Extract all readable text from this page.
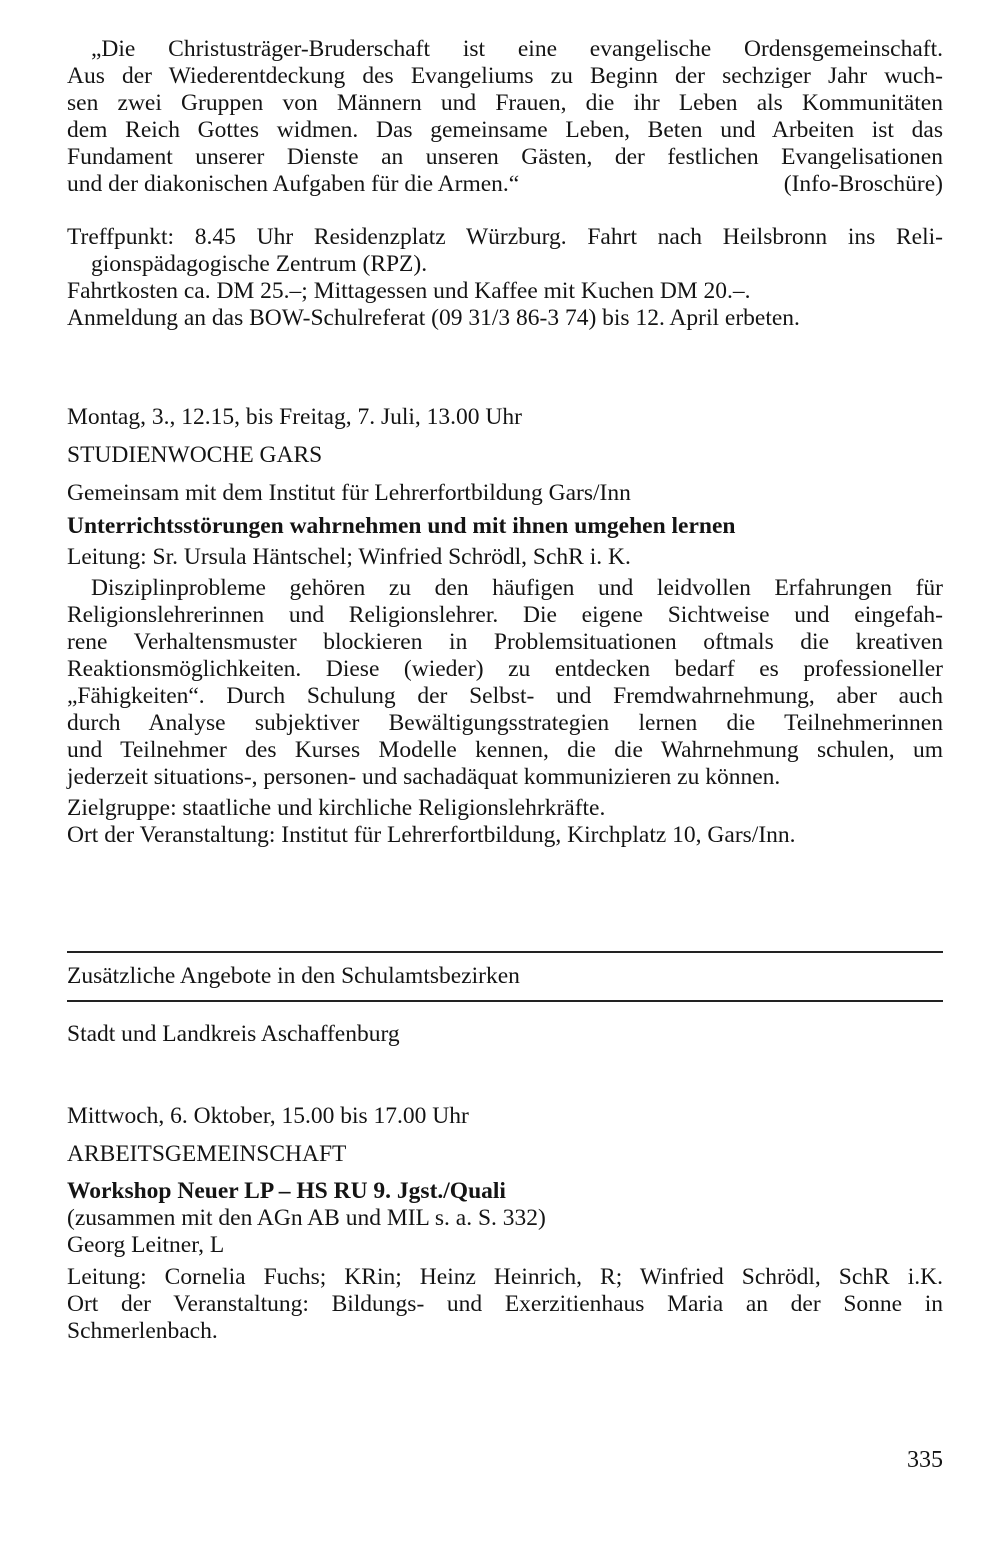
„Die Christusträger-Bruderschaft ist eine evangelische Ordensgemeinschaft.
Aus der Wiederentdeckung des Evangeliums zu Beginn der sechziger Jahr wuch-
sen zwei Gruppen von Männern und Frauen, die ihr Leben als Kommunitäten
dem Reich Gottes widmen. Das gemeinsame Leben, Beten und Arbeiten ist das
Fundament unserer Dienste an unseren Gästen, der festlichen Evangelisationen
und der diakonischen Aufgaben für die Armen.“	(Info-Broschüre)
Treffpunkt: 8.45 Uhr Residenzplatz Würzburg. Fahrt nach Heilsbronn ins Reli-
gionspädagogische Zentrum (RPZ).
Fahrtkosten ca. DM 25.–; Mittagessen und Kaffee mit Kuchen DM 20.–.
Anmeldung an das BOW-Schulreferat (09 31/3 86-3 74) bis 12. April erbeten.
Montag, 3., 12.15, bis Freitag, 7. Juli, 13.00 Uhr
STUDIENWOCHE GARS
Gemeinsam mit dem Institut für Lehrerfortbildung Gars/Inn
Unterrichtsstörungen wahrnehmen und mit ihnen umgehen lernen
Leitung: Sr. Ursula Häntschel; Winfried Schrödl, SchR i. K.
Disziplinprobleme gehören zu den häufigen und leidvollen Erfahrungen für
Religionslehrerinnen und Religionslehrer. Die eigene Sichtweise und eingefah-
rene Verhaltensmuster blockieren in Problemsituationen oftmals die kreativen
Reaktionsmöglichkeiten. Diese (wieder) zu entdecken bedarf es professioneller
„Fähigkeiten“. Durch Schulung der Selbst- und Fremdwahrnehmung, aber auch
durch Analyse subjektiver Bewältigungsstrategien lernen die Teilnehmerinnen
und Teilnehmer des Kurses Modelle kennen, die die Wahrnehmung schulen, um
jederzeit situations-, personen- und sachadäquat kommunizieren zu können.
Zielgruppe: staatliche und kirchliche Religionslehrkräfte.
Ort der Veranstaltung: Institut für Lehrerfortbildung, Kirchplatz 10, Gars/Inn.
Zusätzliche Angebote in den Schulamtsbezirken
Stadt und Landkreis Aschaffenburg
Mittwoch, 6. Oktober, 15.00 bis 17.00 Uhr
ARBEITSGEMEINSCHAFT
Workshop Neuer LP – HS RU 9. Jgst./Quali
(zusammen mit den AGn AB und MIL s. a. S. 332)
Georg Leitner, L
Leitung: Cornelia Fuchs; KRin; Heinz Heinrich, R; Winfried Schrödl, SchR i.K.
Ort der Veranstaltung: Bildungs- und Exerzitienhaus Maria an der Sonne in
Schmerlenbach.
335
